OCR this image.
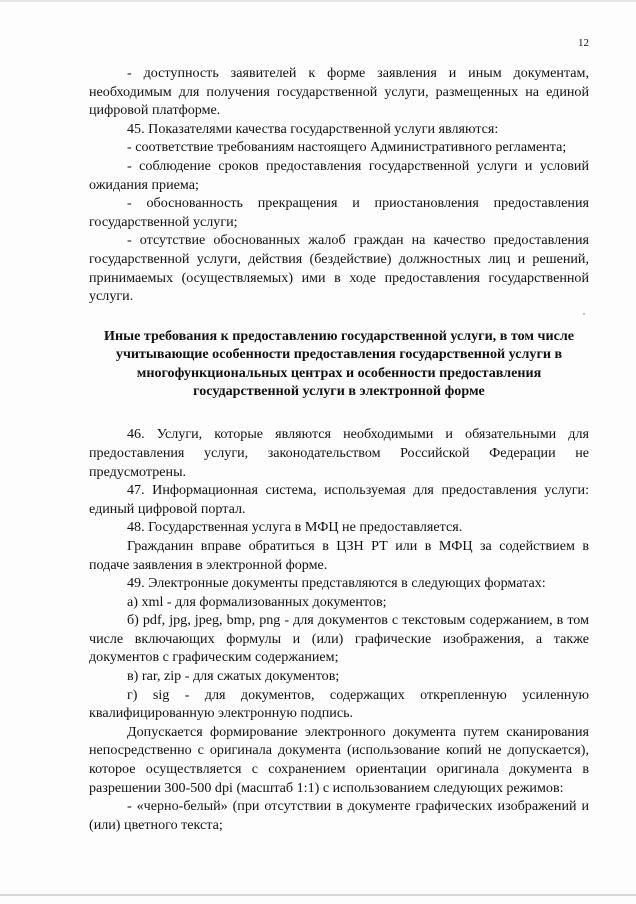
12

- доступность заявителей к форме заявления и иным документам, необходимым для получения государственной услуги, размещенных на единой цифровой платформе.

45. Показателями качества государственной услуги являются:

- соответствие требованиям настоящего Административного регламента;

- соблюдение сроков предоставления государственной услуги и условий ожидания приема;

- обоснованность прекращения и приостановления предоставления государственной услуги;

- отсутствие обоснованных жалоб граждан на качество предоставления государственной услуги, действия (бездействие) должностных лиц и решений, принимаемых (осуществляемых) ими в ходе предоставления государственной услуги.

Иные требования к предоставлению государственной услуги, в том числе учитывающие особенности предоставления государственной услуги в многофункциональных центрах и особенности предоставления государственной услуги в электронной форме

46. Услуги, которые являются необходимыми и обязательными для предоставления услуги, законодательством Российской Федерации не предусмотрены.

47. Информационная система, используемая для предоставления услуги: единый цифровой портал.

48. Государственная услуга в МФЦ не предоставляется.

Гражданин вправе обратиться в ЦЗН РТ или в МФЦ за содействием в подаче заявления в электронной форме.

49. Электронные документы представляются в следующих форматах:

а) xml - для формализованных документов;

б) pdf, jpg, jpeg, bmp, png - для документов с текстовым содержанием, в том числе включающих формулы и (или) графические изображения, а также документов с графическим содержанием;

в) rar, zip - для сжатых документов;

г) sig - для документов, содержащих открепленную усиленную квалифицированную электронную подпись.

Допускается формирование электронного документа путем сканирования непосредственно с оригинала документа (использование копий не допускается), которое осуществляется с сохранением ориентации оригинала документа в разрешении 300-500 dpi (масштаб 1:1) с использованием следующих режимов:

- «черно-белый» (при отсутствии в документе графических изображений и (или) цветного текста;
